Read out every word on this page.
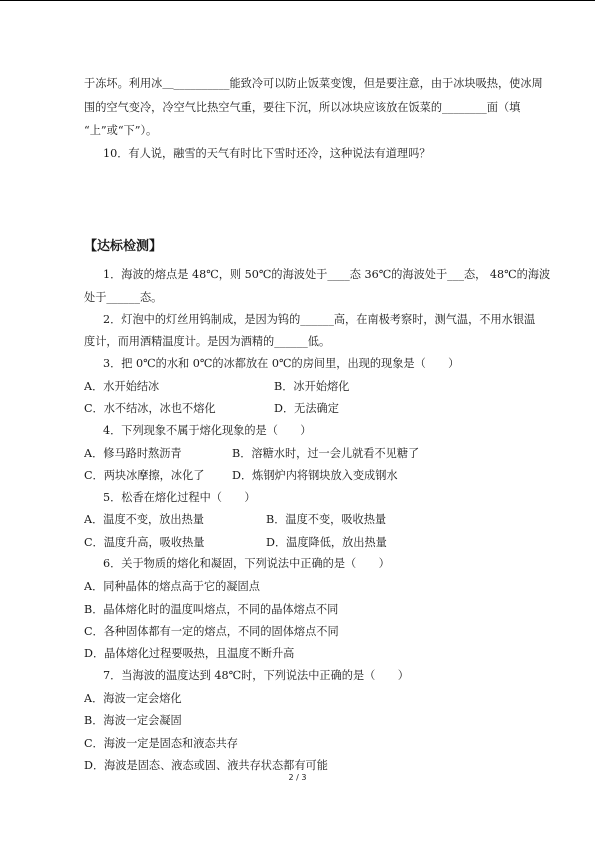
于冻坏。利用冰＿__________能致冷可以防止饭菜变馊，但是要注意，由于冰块吸热，使冰周
围的空气变冷，冷空气比热空气重，要往下沉，所以冰块应该放在饭菜的________面（填
“上”或“下”）。
10．有人说，融雪的天气有时比下雪时还冷，这种说法有道理吗？
【达标检测】
1．海波的熔点是 48℃，则 50℃的海波处于____态 36℃的海波处于___态， 48℃的海波
处于______态。
2．灯泡中的灯丝用钨制成，是因为钨的______高，在南极考察时，测气温，不用水银温
度计，而用酒精温度计。是因为酒精的______低。
3．把 0℃的水和 0℃的冰都放在 0℃的房间里，出现的现象是（　　）
A．水开始结冰	B．冰开始熔化
C．水不结冰，冰也不熔化	D．无法确定
4．下列现象不属于熔化现象的是（　　）
A．修马路时熬沥青	B．溶糖水时，过一会儿就看不见糖了
C．两块冰摩擦，冰化了 D．炼钢炉内将钢块放入变成钢水
5．松香在熔化过程中（　　）
A．温度不变，放出热量	B．温度不变，吸收热量
C．温度升高，吸收热量	D．温度降低，放出热量
6．关于物质的熔化和凝固，下列说法中正确的是（　　）
A．同种晶体的熔点高于它的凝固点
B．晶体熔化时的温度叫熔点，不同的晶体熔点不同
C．各种固体都有一定的熔点，不同的固体熔点不同
D．晶体熔化过程要吸热，且温度不断升高
7．当海波的温度达到 48℃时，下列说法中正确的是（　　）
A．海波一定会熔化
B．海波一定会凝固
C．海波一定是固态和液态共存
D．海波是固态、液态或固、液共存状态都有可能
2 / 3
